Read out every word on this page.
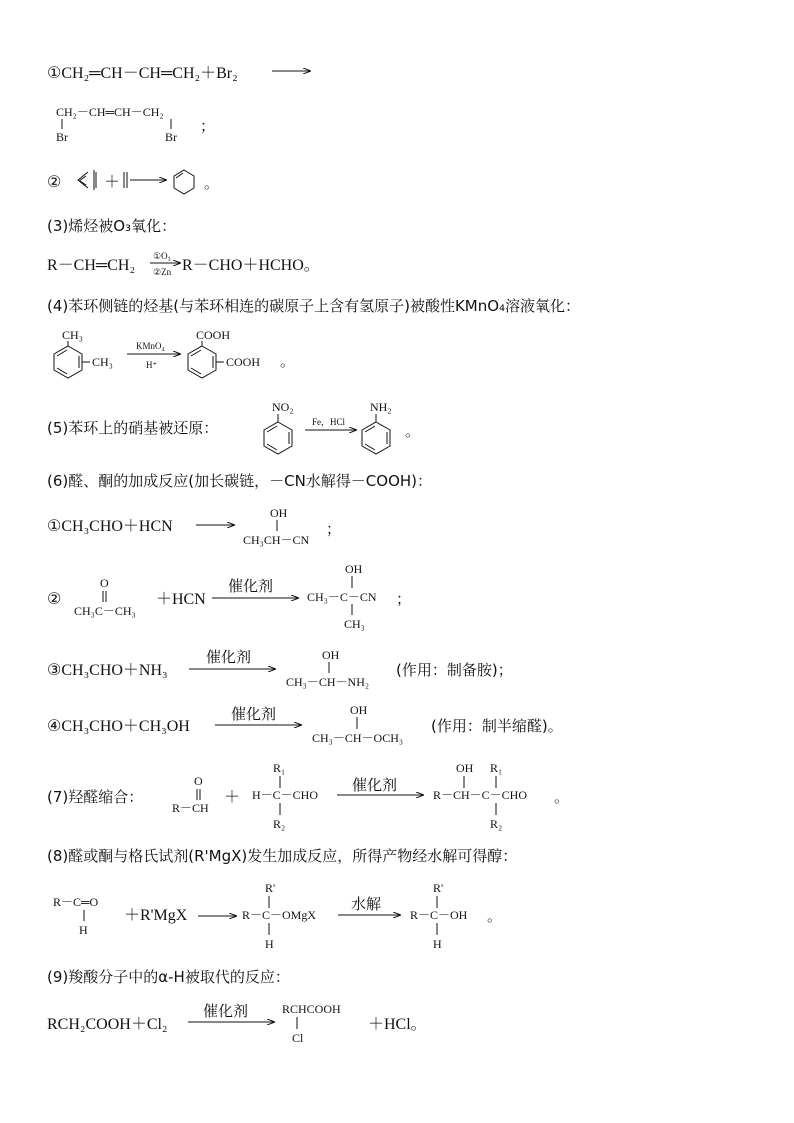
①CH₂═CH－CH═CH₂＋Br₂
CH₂－CH═CH－CH₂
Br	Br
；
②	＋	。
(3)烯烃被O₃氧化：
R－CH═CH₂
①O₃
②Zn R－CHO＋HCHO。
(4)苯环侧链的烃基(与苯环相连的碳原子上含有氢原子)被酸性KMnO₄溶液氧化：
CH₃
CH₃
KMnO₄
H⁺
COOH
COOH 。
(5)苯环上的硝基被还原：
NO₂
Fe，HCl
NH₂
。
(6)醛、酮的加成反应(加长碳链，－CN水解得－COOH)：
①CH₃CHO＋HCN
OH
CH₃CH－CN
；
②
O
CH₃C－CH₃
＋HCN
催化剂
OH
CH₃－C－CN
CH₃
；
③CH₃CHO＋NH₃
催化剂	OH
CH₃－CH－NH₂
(作用：制备胺)；
④CH₃CHO＋CH₃OH
催化剂	OH
CH₃－CH－OCH₃
(作用：制半缩醛)。
(7)羟醛缩合：
O
R－CH
＋
R₁
H－C－CHO
R₂
催化剂
OH R₁
R－CH－C－CHO
R₂
。
(8)醛或酮与格氏试剂(R'MgX)发生加成反应，所得产物经水解可得醇：
R－C═O
H
＋R'MgX
R'
R－C－OMgX
H
水解
R'
R－C－OH
H
。
(9)羧酸分子中的α-H被取代的反应：
RCH₂COOH＋Cl₂
催化剂	RCHCOOH
Cl
＋HCl。
